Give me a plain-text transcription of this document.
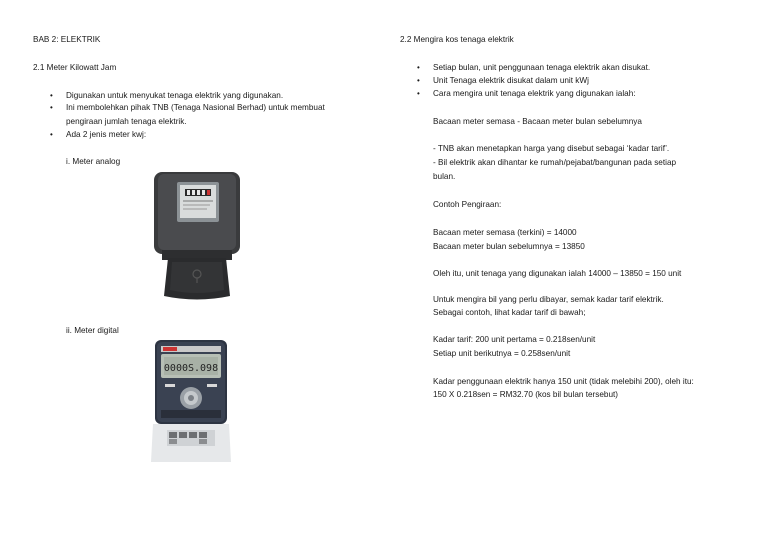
BAB 2: ELEKTRIK
2.1 Meter Kilowatt Jam
• Digunakan untuk menyukat tenaga elektrik yang digunakan.
• Ini membolehkan pihak TNB (Tenaga Nasional Berhad) untuk membuat
pengiraan jumlah tenaga elektrik.
• Ada 2 jenis meter kwj:
i. Meter analog
ii. Meter digital
0000S.098
2.2 Mengira kos tenaga elektrik
• Setiap bulan, unit penggunaan tenaga elektrik akan disukat.
• Unit Tenaga elektrik disukat dalam unit kWj
• Cara mengira unit tenaga elektrik yang digunakan ialah:
Bacaan meter semasa - Bacaan meter bulan sebelumnya
- TNB akan menetapkan harga yang disebut sebagai ‘kadar tarif’.
- Bil elektrik akan dihantar ke rumah/pejabat/bangunan pada setiap
bulan.
Contoh Pengiraan:
Bacaan meter semasa (terkini) = 14000
Bacaan meter bulan sebelumnya = 13850
Oleh itu, unit tenaga yang digunakan ialah 14000 – 13850 = 150 unit
Untuk mengira bil yang perlu dibayar, semak kadar tarif elektrik.
Sebagai contoh, lihat kadar tarif di bawah;
Kadar tarif: 200 unit pertama = 0.218sen/unit
Setiap unit berikutnya = 0.258sen/unit
Kadar penggunaan elektrik hanya 150 unit (tidak melebihi 200), oleh itu:
150 X 0.218sen = RM32.70 (kos bil bulan tersebut)
